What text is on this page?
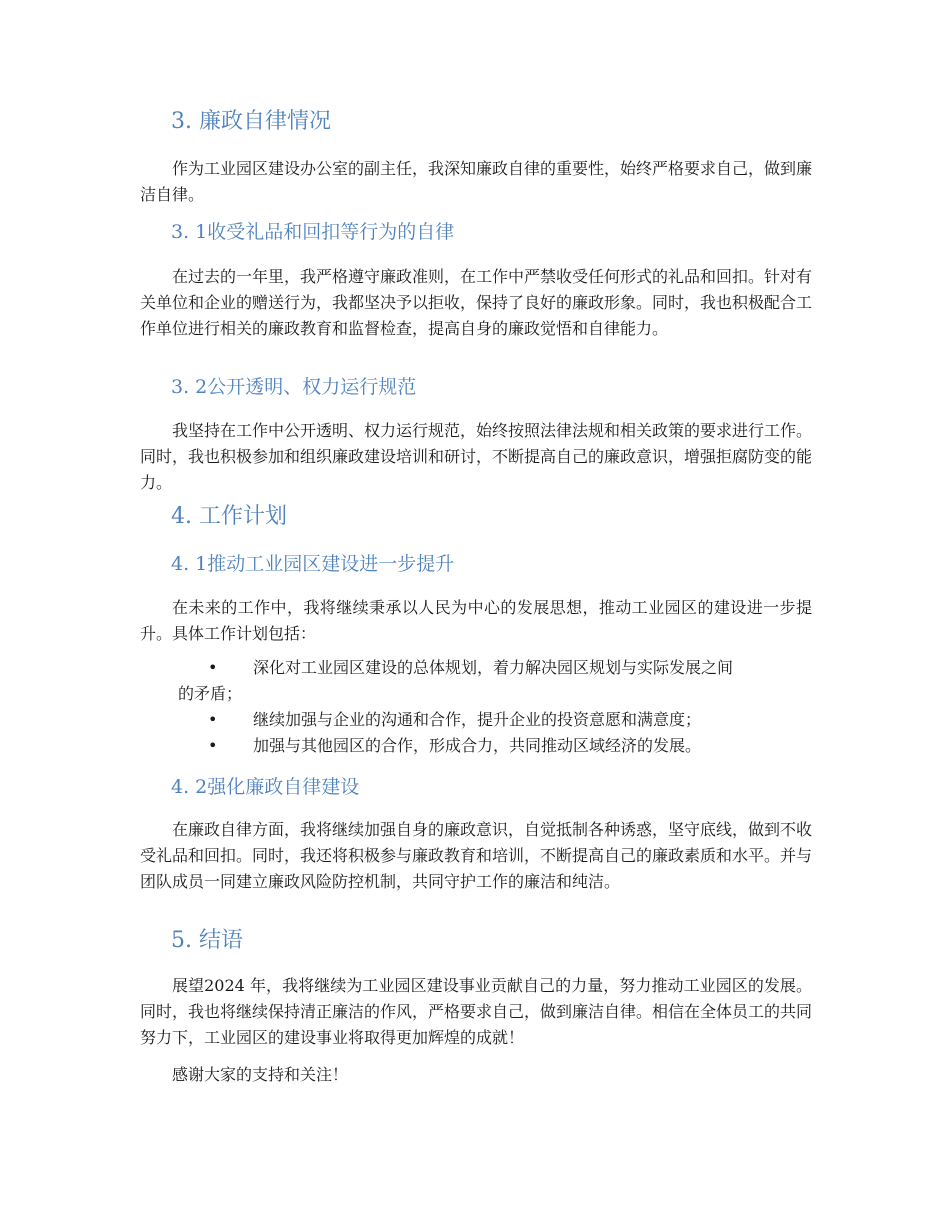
3. 廉政自律情况

作为工业园区建设办公室的副主任，我深知廉政自律的重要性，始终严格要求自己，做到廉洁自律。

3. 1收受礼品和回扣等行为的自律

在过去的一年里，我严格遵守廉政准则，在工作中严禁收受任何形式的礼品和回扣。针对有关单位和企业的赠送行为，我都坚决予以拒收，保持了良好的廉政形象。同时，我也积极配合工作单位进行相关的廉政教育和监督检查，提高自身的廉政觉悟和自律能力。

3. 2公开透明、权力运行规范

我坚持在工作中公开透明、权力运行规范，始终按照法律法规和相关政策的要求进行工作。同时，我也积极参加和组织廉政建设培训和研讨，不断提高自己的廉政意识，增强拒腐防变的能力。

4. 工作计划
4. 1推动工业园区建设进一步提升

在未来的工作中，我将继续秉承以人民为中心的发展思想，推动工业园区的建设进一步提升。具体工作计划包括：

• 深化对工业园区建设的总体规划，着力解决园区规划与实际发展之间
的矛盾；
• 继续加强与企业的沟通和合作，提升企业的投资意愿和满意度；
• 加强与其他园区的合作，形成合力，共同推动区域经济的发展。
4. 2强化廉政自律建设

在廉政自律方面，我将继续加强自身的廉政意识，自觉抵制各种诱惑，坚守底线，做到不收受礼品和回扣。同时，我还将积极参与廉政教育和培训，不断提高自己的廉政素质和水平。并与团队成员一同建立廉政风险防控机制，共同守护工作的廉洁和纯洁。

5. 结语

展望2024 年，我将继续为工业园区建设事业贡献自己的力量，努力推动工业园区的发展。同时，我也将继续保持清正廉洁的作风，严格要求自己，做到廉洁自律。相信在全体员工的共同努力下，工业园区的建设事业将取得更加辉煌的成就！

感谢大家的支持和关注！
